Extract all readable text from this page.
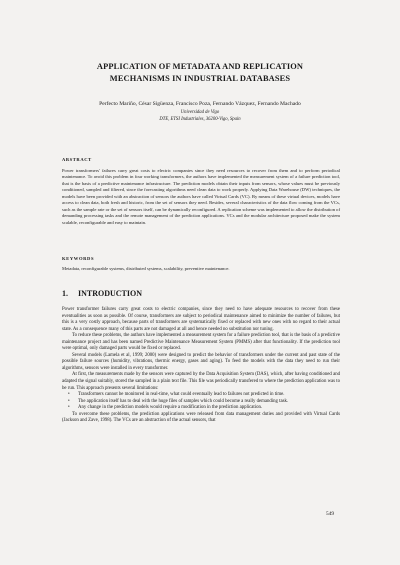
APPLICATION OF METADATA AND REPLICATION
MECHANISMS IN INDUSTRIAL DATABASES
Perfecto Mariño, César Sigüenza, Francisco Poza, Fernando Vázquez, Fernando Machado
Universidad de Vigo
DTE, ETSI Industriales, 36200-Vigo, Spain
ABSTRACT
Power transformers' failures carry great costs to electric companies since they need resources to recover from them and to perform periodical maintenance. To avoid this problem in four working transformers, the authors have implemented the measurement system of a failure prediction tool, that is the basis of a predictive maintenance infrastructure. The prediction models obtain their inputs from sensors, whose values must be previously conditioned, sampled and filtered, since the forecasting algorithms need clean data to work properly. Applying Data Warehouse (DW) techniques, the models have been provided with an abstraction of sensors the authors have called Virtual Cards (VC). By means of these virtual devices, models have access to clean data, both fresh and historic, from the set of sensors they need. Besides, several characteristics of the data flow coming from the VCs, such as the sample rate or the set of sensors itself, can be dynamically reconfigured. A replication scheme was implemented to allow the distribution of demanding processing tasks and the remote management of the prediction applications. VCs and the modular architecture proposed make the system scalable, reconfigurable and easy to maintain.
KEYWORDS
Metadata, reconfigurable systems, distributed systems, scalability, preventive maintenance.
1. INTRODUCTION

Power transformer failures carry great costs to electric companies, since they need to have adequate resources to recover from these eventualities as soon as possible. Of course, transformers are subject to periodical maintenance aimed to minimize the number of failures, but this is a very costly approach, because parts of transformers are systematically fixed or replaced with new ones with no regard to their actual state. As a consequence many of this parts are not damaged at all and hence needed no substitution nor tuning.

To reduce these problems, the authors have implemented a measurement system for a failure prediction tool, that is the basis of a predictive maintenance project and has been named Predictive Maintenance Measurement System (PMMS) after that functionality. If the prediction tool were optimal, only damaged parts would be fixed or replaced.

Several models (Lamela et al, 1999; 2000) were designed to predict the behavior of transformers under the current and past state of the possible failure sources (humidity, vibrations, thermic energy, gases and aging). To feed the models with the data they need to run their algorithms, sensors were installed in every transformer.

At first, the measurements made by the sensors were captured by the Data Acquisition System (DAS), which, after having conditioned and adapted the signal suitably, stored the sampled in a plain text file. This file was periodically transfered to where the prediction application was to be run. This approach presents several limitations:

• Transformers cannot be monitored in real-time, what could eventually lead to failures not predicted in time.
• The application itself has to deal with the huge files of samples which could become a really demanding task.
• Any change in the prediction models would require a modification in the prediction application.

To overcome these problems, the prediction applications were released from data management duties and provided with Virtual Cards (Jackson and Zave, 1998). The VCs are an abstraction of the actual sensors, that

549
